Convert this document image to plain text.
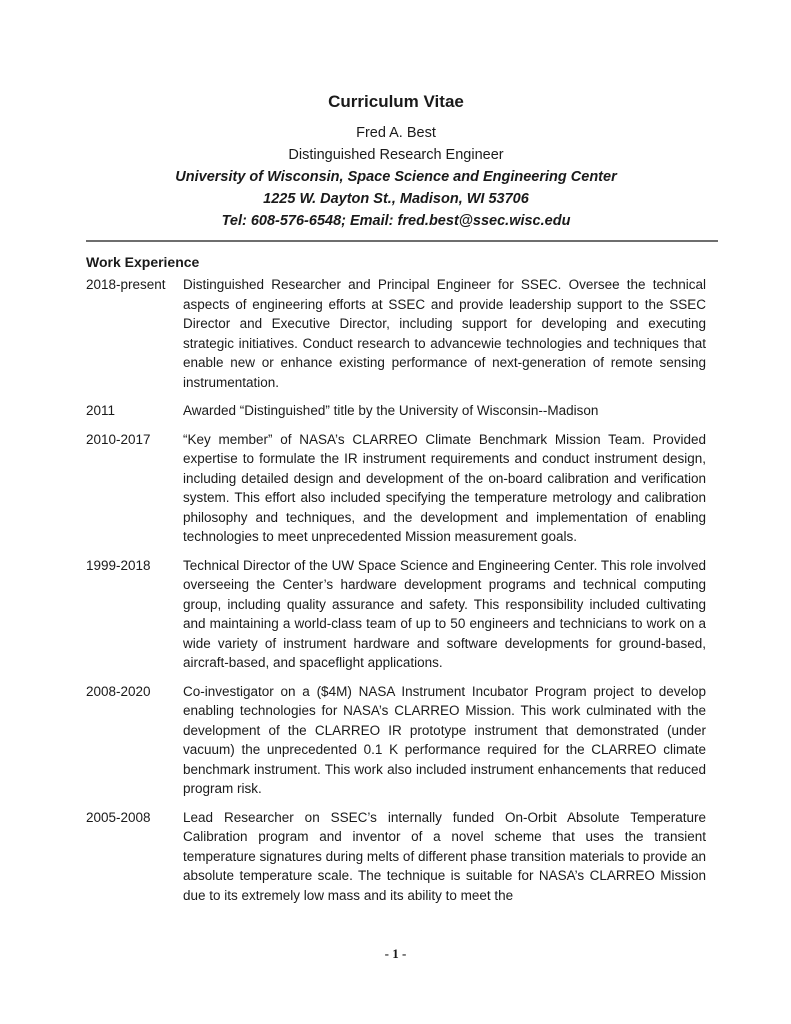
Curriculum Vitae
Fred A. Best
Distinguished Research Engineer
University of Wisconsin, Space Science and Engineering Center
1225 W. Dayton St., Madison, WI 53706
Tel: 608-576-6548; Email: fred.best@ssec.wisc.edu
Work Experience
2018-present	Distinguished Researcher and Principal Engineer for SSEC. Oversee the technical aspects of engineering efforts at SSEC and provide leadership support to the SSEC Director and Executive Director, including support for developing and executing strategic initiatives. Conduct research to advancewie technologies and techniques that enable new or enhance existing performance of next-generation of remote sensing instrumentation.
2011	Awarded “Distinguished” title by the University of Wisconsin--Madison
2010-2017	“Key member” of NASA’s CLARREO Climate Benchmark Mission Team. Provided expertise to formulate the IR instrument requirements and conduct instrument design, including detailed design and development of the on-board calibration and verification system. This effort also included specifying the temperature metrology and calibration philosophy and techniques, and the development and implementation of enabling technologies to meet unprecedented Mission measurement goals.
1999-2018	Technical Director of the UW Space Science and Engineering Center. This role involved overseeing the Center’s hardware development programs and technical computing group, including quality assurance and safety. This responsibility included cultivating and maintaining a world-class team of up to 50 engineers and technicians to work on a wide variety of instrument hardware and software developments for ground-based, aircraft-based, and spaceflight applications.
2008-2020	Co-investigator on a ($4M) NASA Instrument Incubator Program project to develop enabling technologies for NASA’s CLARREO Mission. This work culminated with the development of the CLARREO IR prototype instrument that demonstrated (under vacuum) the unprecedented 0.1 K performance required for the CLARREO climate benchmark instrument. This work also included instrument enhancements that reduced program risk.
2005-2008	Lead Researcher on SSEC’s internally funded On-Orbit Absolute Temperature Calibration program and inventor of a novel scheme that uses the transient temperature signatures during melts of different phase transition materials to provide an absolute temperature scale. The technique is suitable for NASA’s CLARREO Mission due to its extremely low mass and its ability to meet the
- 1 -
